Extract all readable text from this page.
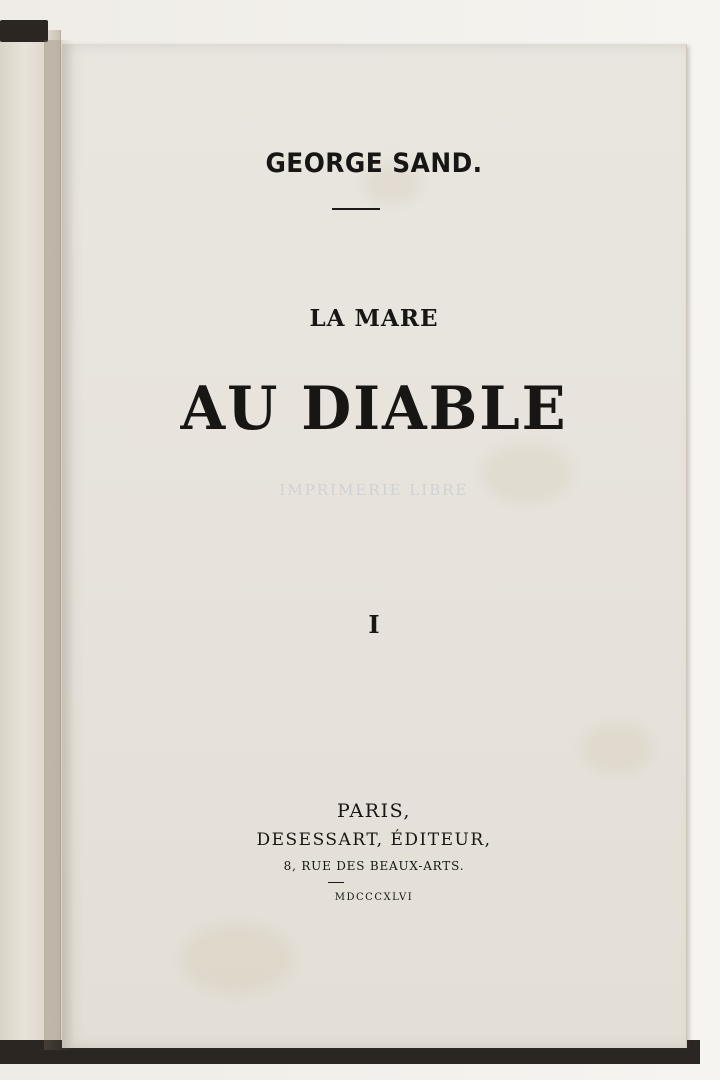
GEORGE SAND.
LA MARE
AU DIABLE
IMPRIMERIE LIBRE
I
PARIS,
DESESSART, ÉDITEUR,
8, RUE DES BEAUX-ARTS.
MDCCCXLVI
